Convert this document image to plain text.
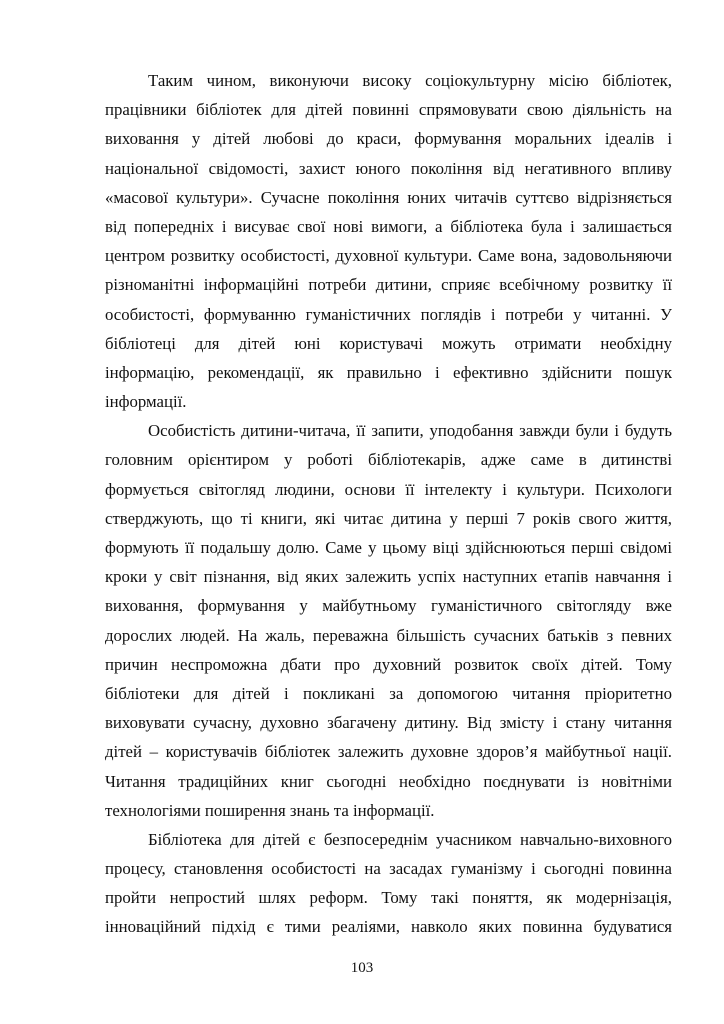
Таким чином, виконуючи високу соціокультурну місію бібліотек,
працівники бібліотек для дітей повинні спрямовувати свою діяльність на
виховання у дітей любові до краси, формування моральних ідеалів і
національної свідомості, захист юного покоління від негативного впливу
«масової культури». Сучасне покоління юних читачів суттєво відрізняється
від попередніх і висуває свої нові вимоги, а бібліотека була і залишається
центром розвитку особистості, духовної культури. Саме вона, задовольняючи
різноманітні інформаційні потреби дитини, сприяє всебічному розвитку її
особистості, формуванню гуманістичних поглядів і потреби у читанні. У
бібліотеці для дітей юні користувачі можуть отримати необхідну
інформацію, рекомендації, як правильно і ефективно здійснити пошук
інформації.
Особистість дитини-читача, її запити, уподобання завжди були і будуть
головним орієнтиром у роботі бібліотекарів, адже саме в дитинстві
формується світогляд людини, основи її інтелекту і культури. Психологи
стверджують, що ті книги, які читає дитина у перші 7 років свого життя,
формують її подальшу долю. Саме у цьому віці здійснюються перші свідомі
кроки у світ пізнання, від яких залежить успіх наступних етапів навчання і
виховання, формування у майбутньому гуманістичного світогляду вже
дорослих людей. На жаль, переважна більшість сучасних батьків з певних
причин неспроможна дбати про духовний розвиток своїх дітей. Тому
бібліотеки для дітей і покликані за допомогою читання пріоритетно
виховувати сучасну, духовно збагачену дитину. Від змісту і стану читання
дітей – користувачів бібліотек залежить духовне здоров’я майбутньої нації.
Читання традиційних книг сьогодні необхідно поєднувати із новітніми
технологіями поширення знань та інформації.
Бібліотека для дітей є безпосереднім учасником навчально-виховного
процесу, становлення особистості на засадах гуманізму і сьогодні повинна
пройти непростий шлях реформ. Тому такі поняття, як модернізація,
інноваційний підхід є тими реаліями, навколо яких повинна будуватися
103
